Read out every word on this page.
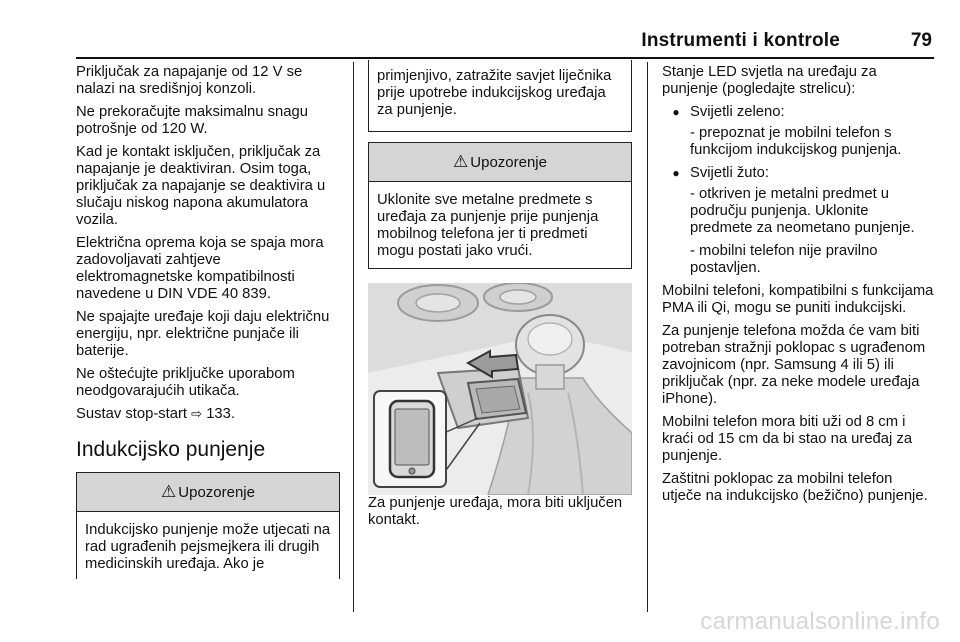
Instrumenti i kontrole	79

Priključak za napajanje od 12 V se nalazi na središnjoj konzoli.

Ne prekoračujte maksimalnu snagu potrošnje od 120 W.

Kad je kontakt isključen, priključak za napajanje je deaktiviran. Osim toga, priključak za napajanje se deaktivira u slučaju niskog napona akumulatora vozila.

Električna oprema koja se spaja mora zadovoljavati zahtjeve elektromagnetske kompatibilnosti navedene u DIN VDE 40 839.

Ne spajajte uređaje koji daju električnu energiju, npr. električne punjače ili baterije.

Ne oštećujte priključke uporabom neodgovarajućih utikača.

Sustav stop-start ⇨ 133.

Indukcijsko punjenje
⚠ Upozorenje

Indukcijsko punjenje može utjecati na rad ugrađenih pejsmejkera ili drugih medicinskih uređaja. Ako je

primjenjivo, zatražite savjet liječnika prije upotrebe indukcijskog uređaja za punjenje.

⚠ Upozorenje

Uklonite sve metalne predmete s uređaja za punjenje prije punjenja mobilnog telefona jer ti predmeti mogu postati jako vrući.

Za punjenje uređaja, mora biti uključen kontakt.

Stanje LED svjetla na uređaju za punjenje (pogledajte strelicu):

● Svijetli zeleno:

- prepoznat je mobilni telefon s funkcijom indukcijskog punjenja.

● Svijetli žuto:

- otkriven je metalni predmet u području punjenja. Uklonite predmete za neometano punjenje.

- mobilni telefon nije pravilno postavljen.

Mobilni telefoni, kompatibilni s funkcijama PMA ili Qi, mogu se puniti indukcijski.

Za punjenje telefona možda će vam biti potreban stražnji poklopac s ugrađenom zavojnicom (npr. Samsung 4 ili 5) ili priključak (npr. za neke modele uređaja iPhone).

Mobilni telefon mora biti uži od 8 cm i kraći od 15 cm da bi stao na uređaj za punjenje.

Zaštitni poklopac za mobilni telefon utječe na indukcijsko (bežično) punjenje.

carmanualsonline.info
